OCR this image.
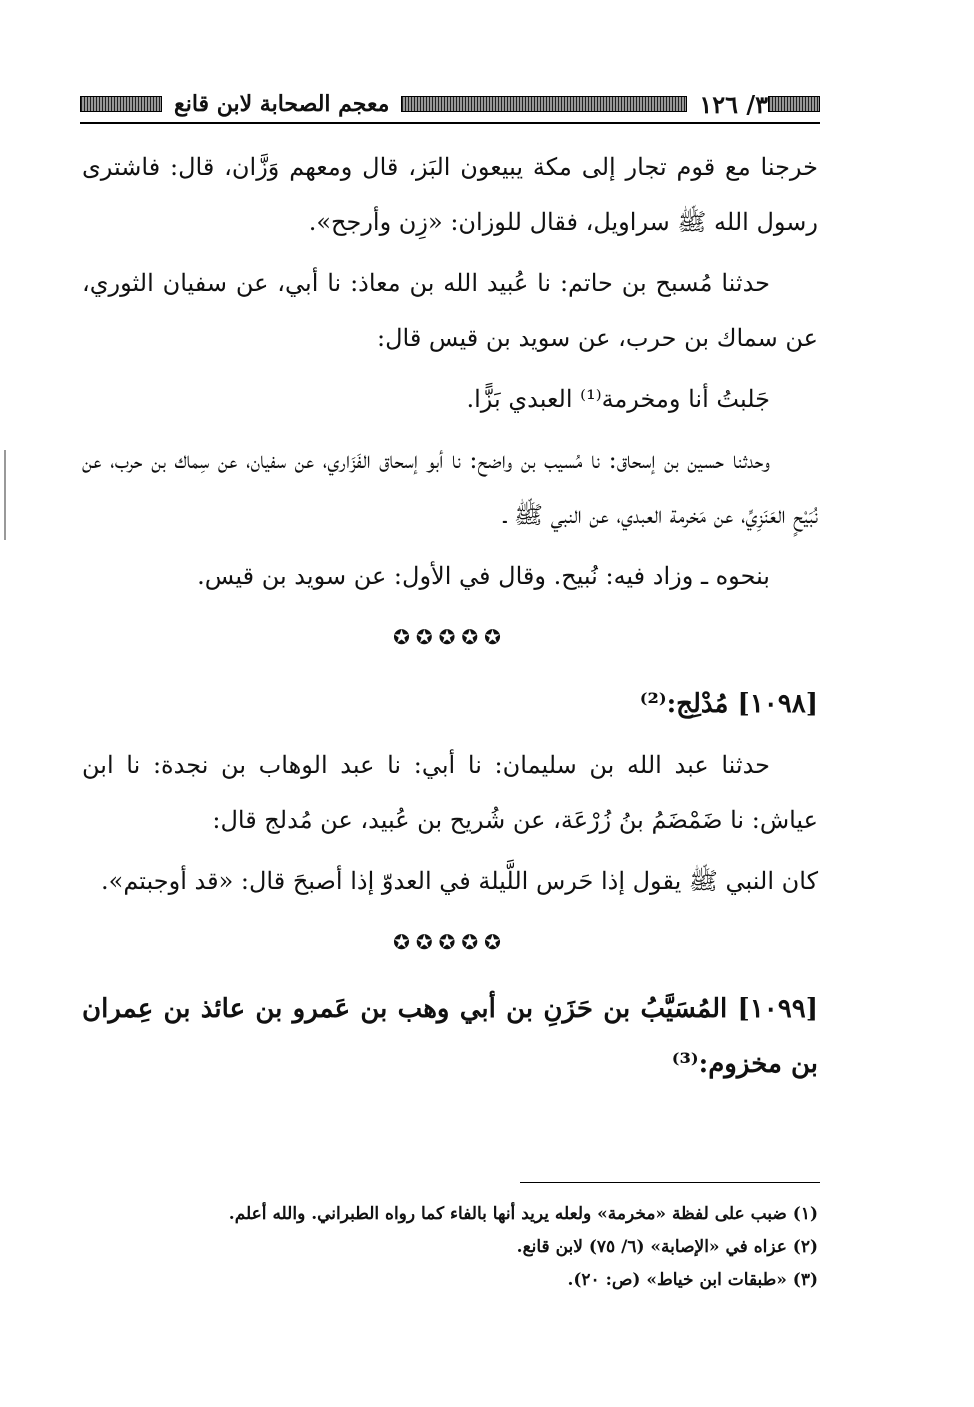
٣/ ١٢٦
معجم الصحابة لابن قانع

خرجنا مع قوم تجار إلى مكة يبيعون البَز، قال ومعهم وَزَّان، قال: فاشترى رسول الله ﷺ سراويل، فقال للوزان: «زِن وأرجح».

حدثنا مُسبح بن حاتم: نا عُبيد الله بن معاذ: نا أبي، عن سفيان الثوري، عن سماك بن حرب، عن سويد بن قيس قال:

جَلبتُ أنا ومخرمة⁽¹⁾ العبدي بَزًّا.

وحدثنا حسين بن إسحاق: نا مُسيب بن واضح: نا أبو إسحاق الفَزَاري، عن سفيان، عن سِماك بن حرب، عن نُبَيْحٍ العَنَزِيِّ، عن مَخرمة العبدي، عن النبي ﷺ ـ

بنحوه ـ وزاد فيه: نُبيح. وقال في الأول: عن سويد بن قيس.

✪✪✪✪✪

[١٠٩٨] مُدْلِج:⁽²⁾

حدثنا عبد الله بن سليمان: نا أبي: نا عبد الوهاب بن نجدة: نا ابن عياش: نا ضَمْضَمُ بنُ زُرْعَة، عن شُريح بن عُبيد، عن مُدلج قال:

كان النبي ﷺ يقول إذا حَرس اللَّيلة في العدوّ إذا أصبحَ قال: «قد أوجبتم».

✪✪✪✪✪

[١٠٩٩] المُسَيَّبُ بن حَزَنِ بن أبي وهب بن عَمرو بن عائذ بن عِمران بن مخزوم:⁽³⁾

(١) ضبب على لفظة «مخرمة» ولعله يريد أنها بالفاء كما رواه الطبراني. والله أعلم.

(٢) عزاه في «الإصابة» (٦/ ٧٥) لابن قانع.

(٣) «طبقات ابن خياط» (ص: ٢٠).
